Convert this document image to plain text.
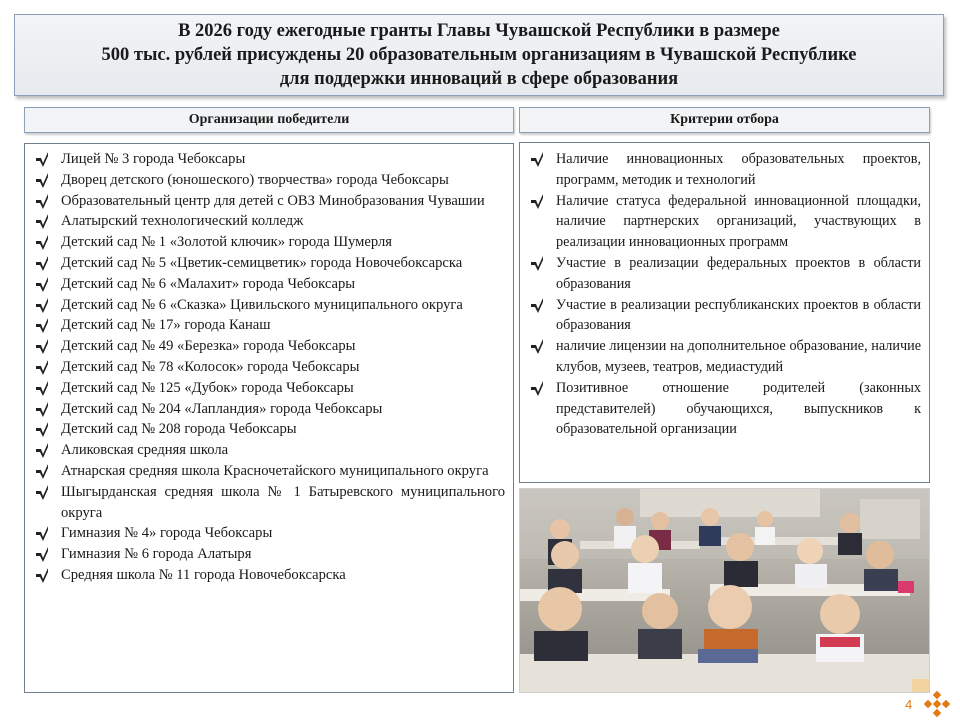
В 2026 году ежегодные гранты Главы Чувашской Республики в размере
500 тыс. рублей присуждены 20 образовательным организациям в Чувашской Республике
для поддержки инноваций в сфере образования
Организации победители	Критерии отбора
Лицей № 3 города Чебоксары
Дворец детского (юношеского) творчества» города Чебоксары
Образовательный центр для детей с ОВЗ Минобразования Чувашии
Алатырский технологический колледж
Детский сад № 1 «Золотой ключик» города Шумерля
Детский сад № 5 «Цветик-семицветик» города Новочебоксарска
Детский сад № 6 «Малахит» города Чебоксары
Детский сад № 6 «Сказка» Цивильского муниципального округа
Детский сад № 17» города Канаш
Детский сад № 49 «Березка» города Чебоксары
Детский сад № 78 «Колосок» города Чебоксары
Детский сад № 125 «Дубок» города Чебоксары
Детский сад № 204 «Лапландия» города Чебоксары
Детский сад № 208 города Чебоксары
Аликовская средняя школа
Атнарская средняя школа Красночетайского муниципального округа
Шыгырданская средняя школа № 1 Батыревского муниципального округа
Гимназия № 4» города Чебоксары
Гимназия № 6 города Алатыря
Средняя школа № 11 города Новочебоксарска
Наличие инновационных образовательных проектов, программ, методик и технологий
Наличие статуса федеральной инновационной площадки, наличие партнерских организаций, участвующих в реализации инновационных программ
Участие в реализации федеральных проектов в области образования
Участие в реализации республиканских проектов в области образования
наличие лицензии на дополнительное образование, наличие клубов, музеев, театров, медиастудий
Позитивное отношение родителей (законных представителей) обучающихся, выпускников к образовательной организации
4
